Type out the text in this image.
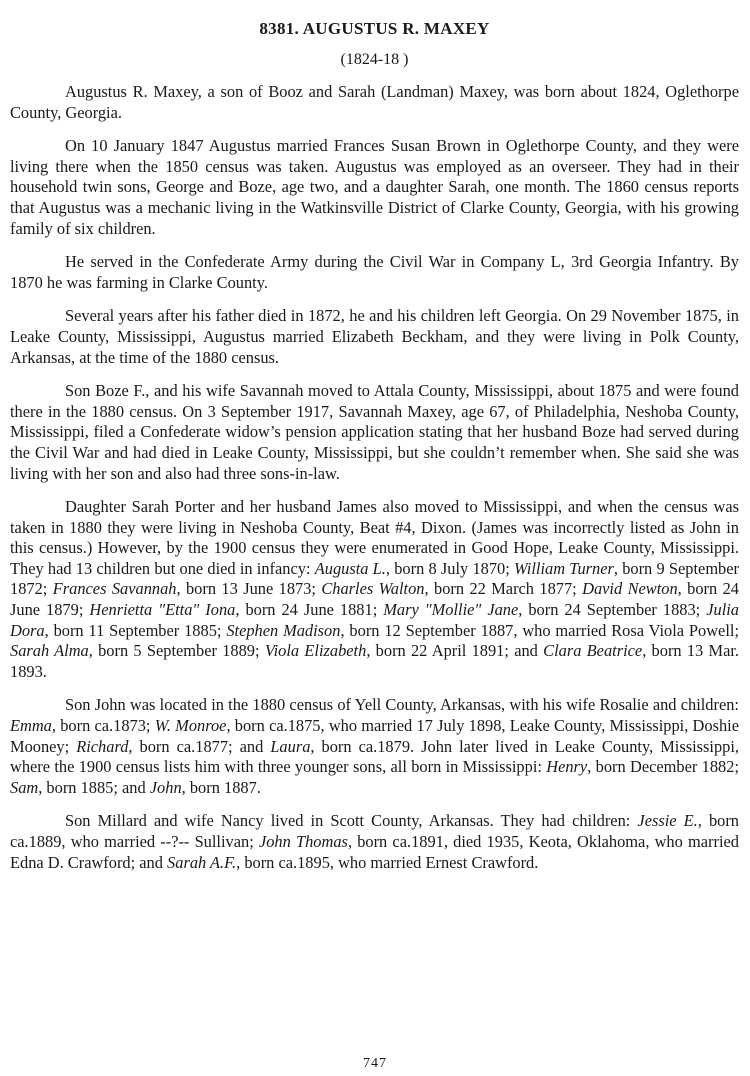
8381. AUGUSTUS R. MAXEY
(1824-18 )

Augustus R. Maxey, a son of Booz and Sarah (Landman) Maxey, was born about 1824, Oglethorpe County, Georgia.

On 10 January 1847 Augustus married Frances Susan Brown in Oglethorpe County, and they were living there when the 1850 census was taken. Augustus was employed as an overseer. They had in their household twin sons, George and Boze, age two, and a daughter Sarah, one month. The 1860 census reports that Augustus was a mechanic living in the Watkinsville District of Clarke County, Georgia, with his growing family of six children.

He served in the Confederate Army during the Civil War in Company L, 3rd Georgia Infantry. By 1870 he was farming in Clarke County.

Several years after his father died in 1872, he and his children left Georgia. On 29 November 1875, in Leake County, Mississippi, Augustus married Elizabeth Beckham, and they were living in Polk County, Arkansas, at the time of the 1880 census.

Son Boze F., and his wife Savannah moved to Attala County, Mississippi, about 1875 and were found there in the 1880 census. On 3 September 1917, Savannah Maxey, age 67, of Philadelphia, Neshoba County, Mississippi, filed a Confederate widow’s pension application stating that her husband Boze had served during the Civil War and had died in Leake County, Mississippi, but she couldn’t remember when. She said she was living with her son and also had three sons-in-law.

Daughter Sarah Porter and her husband James also moved to Mississippi, and when the census was taken in 1880 they were living in Neshoba County, Beat #4, Dixon. (James was incorrectly listed as John in this census.) However, by the 1900 census they were enumerated in Good Hope, Leake County, Mississippi. They had 13 children but one died in infancy: Augusta L., born 8 July 1870; William Turner, born 9 September 1872; Frances Savannah, born 13 June 1873; Charles Walton, born 22 March 1877; David Newton, born 24 June 1879; Henrietta "Etta" Iona, born 24 June 1881; Mary "Mollie" Jane, born 24 September 1883; Julia Dora, born 11 September 1885; Stephen Madison, born 12 September 1887, who married Rosa Viola Powell; Sarah Alma, born 5 September 1889; Viola Elizabeth, born 22 April 1891; and Clara Beatrice, born 13 Mar. 1893.

Son John was located in the 1880 census of Yell County, Arkansas, with his wife Rosalie and children: Emma, born ca.1873; W. Monroe, born ca.1875, who married 17 July 1898, Leake County, Mississippi, Doshie Mooney; Richard, born ca.1877; and Laura, born ca.1879. John later lived in Leake County, Mississippi, where the 1900 census lists him with three younger sons, all born in Mississippi: Henry, born December 1882; Sam, born 1885; and John, born 1887.

Son Millard and wife Nancy lived in Scott County, Arkansas. They had children: Jessie E., born ca.1889, who married --?-- Sullivan; John Thomas, born ca.1891, died 1935, Keota, Oklahoma, who married Edna D. Crawford; and Sarah A.F., born ca.1895, who married Ernest Crawford.

747
